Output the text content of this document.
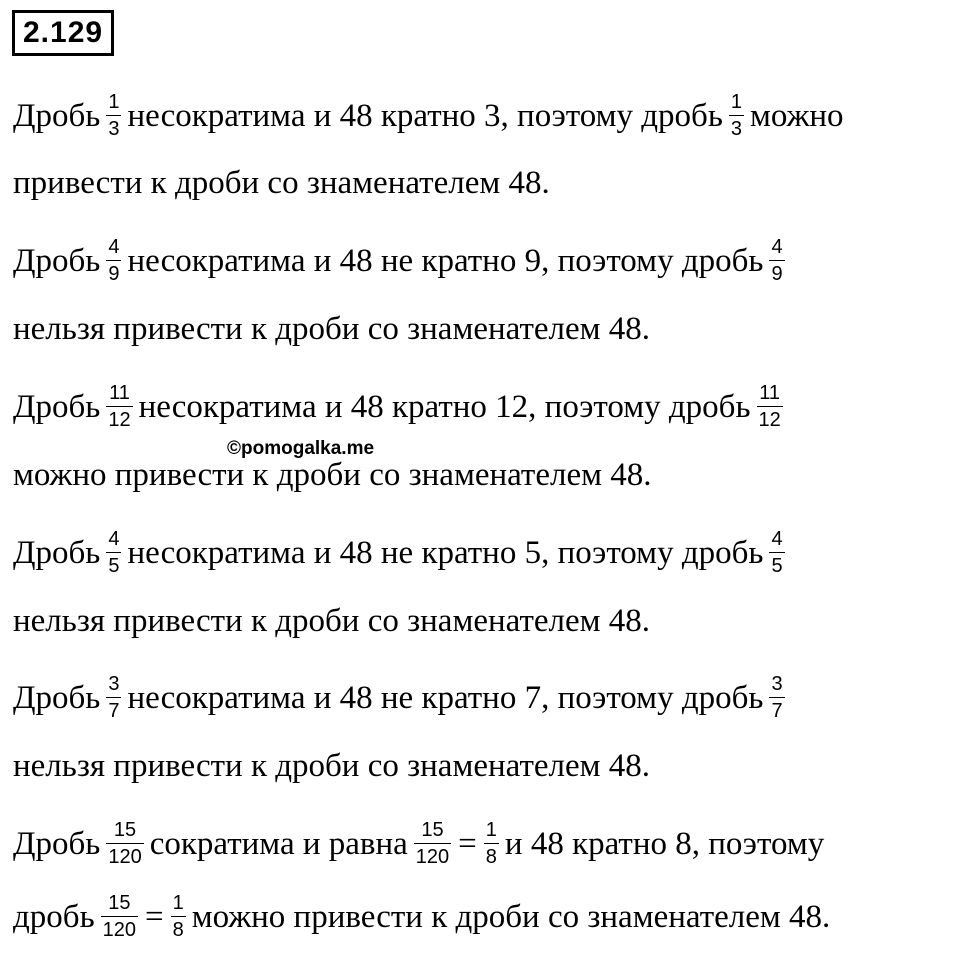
2.129
Дробь $\frac{1}{3}$ несократима и 48 кратно 3, поэтому дробь $\frac{1}{3}$ можно
привести к дроби со знаменателем 48.
Дробь $\frac{4}{9}$ несократима и 48 не кратно 9, поэтому дробь $\frac{4}{9}$
нельзя привести к дроби со знаменателем 48.
Дробь $\frac{11}{12}$ несократима и 48 кратно 12, поэтому дробь $\frac{11}{12}$
©pomogalka.me
можно привести к дроби со знаменателем 48.
Дробь $\frac{4}{5}$ несократима и 48 не кратно 5, поэтому дробь $\frac{4}{5}$
нельзя привести к дроби со знаменателем 48.
Дробь $\frac{3}{7}$ несократима и 48 не кратно 7, поэтому дробь $\frac{3}{7}$
нельзя привести к дроби со знаменателем 48.
Дробь $\frac{15}{120}$ сократима и равна $\frac{15}{120} = \frac{1}{8}$ и 48 кратно 8, поэтому
дробь $\frac{15}{120} = \frac{1}{8}$ можно привести к дроби со знаменателем 48.
